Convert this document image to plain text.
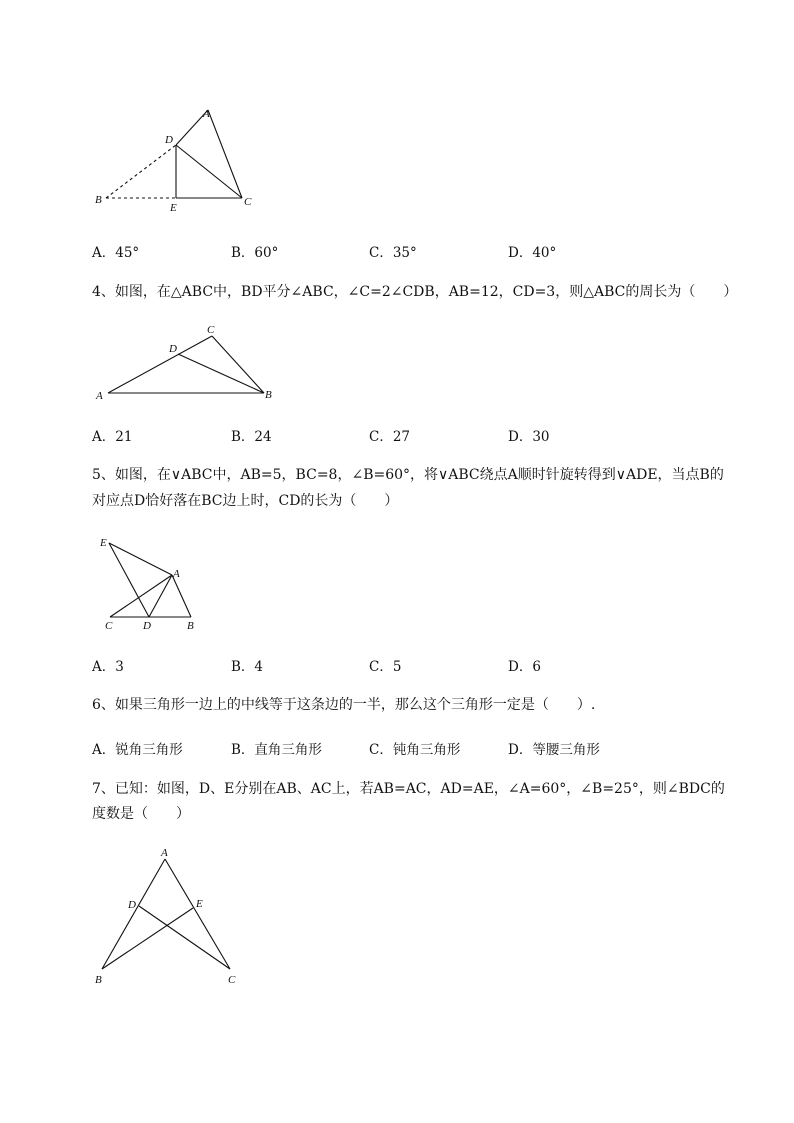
A
D
B
E	C
A．45°	B．60°	C．35°	D．40°
4、如图，在△ABC中，BD平分∠ABC，∠C=2∠CDB，AB=12，CD=3，则△ABC的周长为（　　）
C
D
A	B
A．21	B．24	C．27	D．30
5、如图，在∨ABC中，AB=5，BC=8，∠B=60°，将∨ABC绕点A顺时针旋转得到∨ADE，当点B的
对应点D恰好落在BC边上时，CD的长为（　　）
E
A
C	D	B
A．3	B．4	C．5	D．6
6、如果三角形一边上的中线等于这条边的一半，那么这个三角形一定是（　　）.
A．锐角三角形	B．直角三角形	C．钝角三角形	D．等腰三角形
7、已知：如图，D、E分别在AB、AC上，若AB=AC，AD=AE，∠A=60°，∠B=25°，则∠BDC的
度数是（　　）
A
D	E
B	C
